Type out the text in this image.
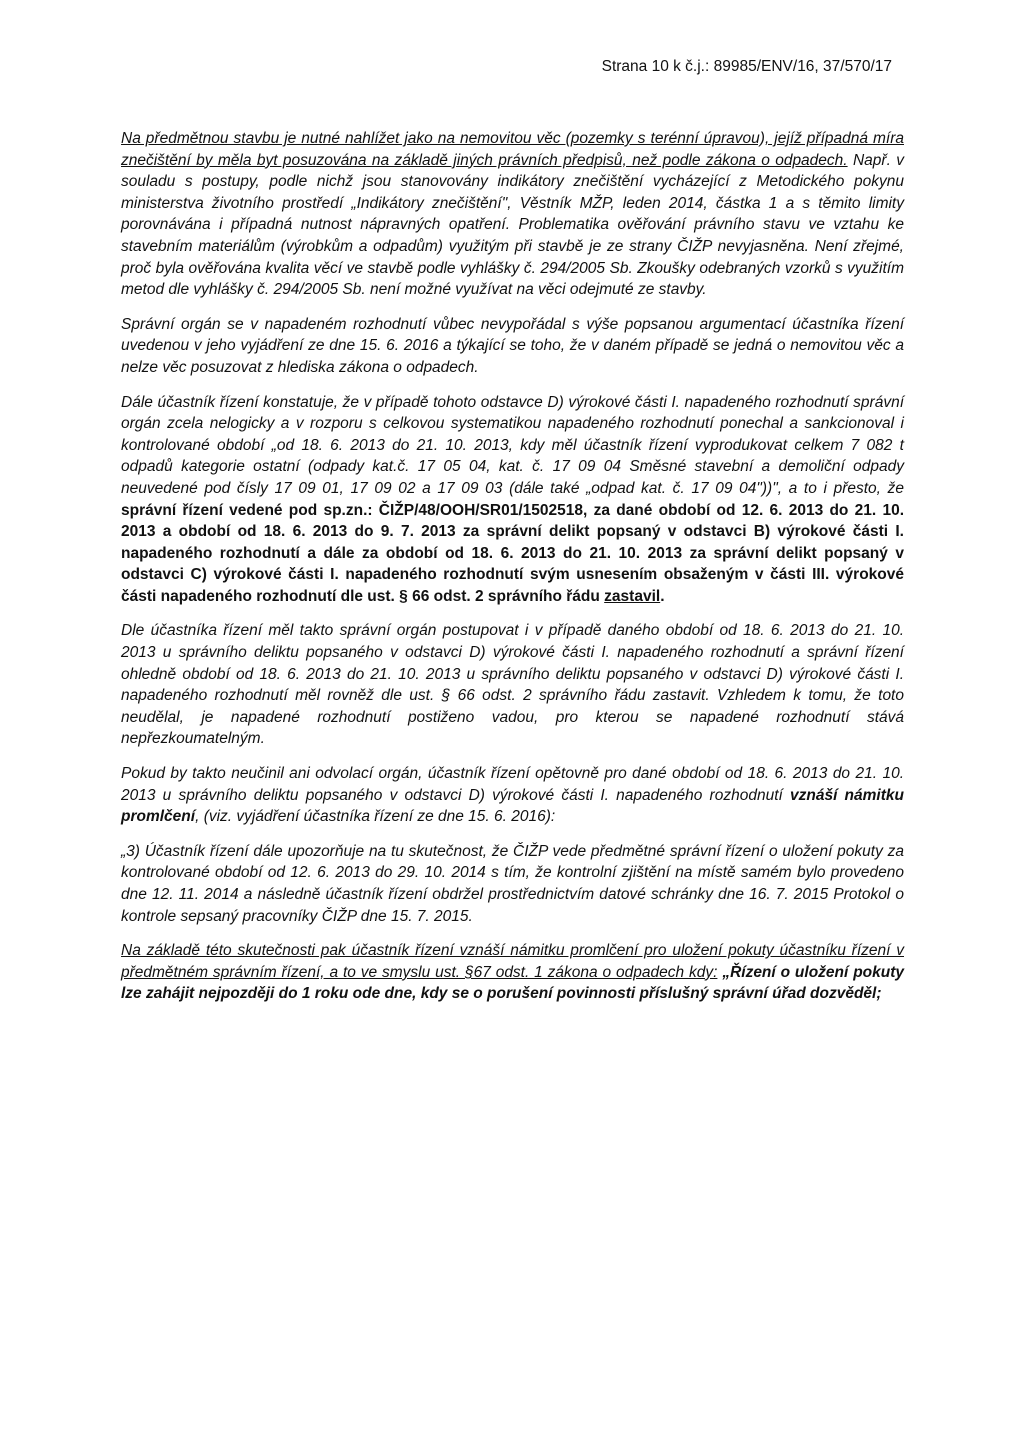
Strana 10 k č.j.: 89985/ENV/16, 37/570/17

Na předmětnou stavbu je nutné nahlížet jako na nemovitou věc (pozemky s terénní úpravou), jejíž případná míra znečištění by měla byt posuzována na základě jiných právních předpisů, než podle zákona o odpadech. Např. v souladu s postupy, podle nichž jsou stanovovány indikátory znečištění vycházející z Metodického pokynu ministerstva životního prostředí „Indikátory znečištění", Věstník MŽP, leden 2014, částka 1 a s těmito limity porovnávána i případná nutnost nápravných opatření. Problematika ověřování právního stavu ve vztahu ke stavebním materiálům (výrobkům a odpadům) využitým při stavbě je ze strany ČIŽP nevyjasněna. Není zřejmé, proč byla ověřována kvalita věcí ve stavbě podle vyhlášky č. 294/2005 Sb. Zkoušky odebraných vzorků s využitím metod dle vyhlášky č. 294/2005 Sb. není možné využívat na věci odejmuté ze stavby.

Správní orgán se v napadeném rozhodnutí vůbec nevypořádal s výše popsanou argumentací účastníka řízení uvedenou v jeho vyjádření ze dne 15. 6. 2016 a týkající se toho, že v daném případě se jedná o nemovitou věc a nelze věc posuzovat z hlediska zákona o odpadech.

Dále účastník řízení konstatuje, že v případě tohoto odstavce D) výrokové části I. napadeného rozhodnutí správní orgán zcela nelogicky a v rozporu s celkovou systematikou napadeného rozhodnutí ponechal a sankcionoval i kontrolované období „od 18. 6. 2013 do 21. 10. 2013, kdy měl účastník řízení vyprodukovat celkem 7 082 t odpadů kategorie ostatní (odpady kat.č. 17 05 04, kat. č. 17 09 04 Směsné stavební a demoliční odpady neuvedené pod čísly 17 09 01, 17 09 02 a 17 09 03 (dále také „odpad kat. č. 17 09 04"))", a to i přesto, že správní řízení vedené pod sp.zn.: ČIŽP/48/OOH/SR01/1502518, za dané období od 12. 6. 2013 do 21. 10. 2013 a období od 18. 6. 2013 do 9. 7. 2013 za správní delikt popsaný v odstavci B) výrokové části I. napadeného rozhodnutí a dále za období od 18. 6. 2013 do 21. 10. 2013 za správní delikt popsaný v odstavci C) výrokové části I. napadeného rozhodnutí svým usnesením obsaženým v části III. výrokové části napadeného rozhodnutí dle ust. § 66 odst. 2 správního řádu zastavil.

Dle účastníka řízení měl takto správní orgán postupovat i v případě daného období od 18. 6. 2013 do 21. 10. 2013 u správního deliktu popsaného v odstavci D) výrokové části I. napadeného rozhodnutí a správní řízení ohledně období od 18. 6. 2013 do 21. 10. 2013 u správního deliktu popsaného v odstavci D) výrokové části I. napadeného rozhodnutí měl rovněž dle ust. § 66 odst. 2 správního řádu zastavit. Vzhledem k tomu, že toto neudělal, je napadené rozhodnutí postiženo vadou, pro kterou se napadené rozhodnutí stává nepřezkoumatelným.

Pokud by takto neučinil ani odvolací orgán, účastník řízení opětovně pro dané období od 18. 6. 2013 do 21. 10. 2013 u správního deliktu popsaného v odstavci D) výrokové části I. napadeného rozhodnutí vznáší námitku promlčení, (viz. vyjádření účastníka řízení ze dne 15. 6. 2016):

„3) Účastník řízení dále upozorňuje na tu skutečnost, že ČIŽP vede předmětné správní řízení o uložení pokuty za kontrolované období od 12. 6. 2013 do 29. 10. 2014 s tím, že kontrolní zjištění na místě samém bylo provedeno dne 12. 11. 2014 a následně účastník řízení obdržel prostřednictvím datové schránky dne 16. 7. 2015 Protokol o kontrole sepsaný pracovníky ČIŽP dne 15. 7. 2015.

Na základě této skutečnosti pak účastník řízení vznáší námitku promlčení pro uložení pokuty účastníku řízení v předmětném správním řízení, a to ve smyslu ust. §67 odst. 1 zákona o odpadech kdy: „Řízení o uložení pokuty lze zahájit nejpozději do 1 roku ode dne, kdy se o porušení povinnosti příslušný správní úřad dozvěděl;
